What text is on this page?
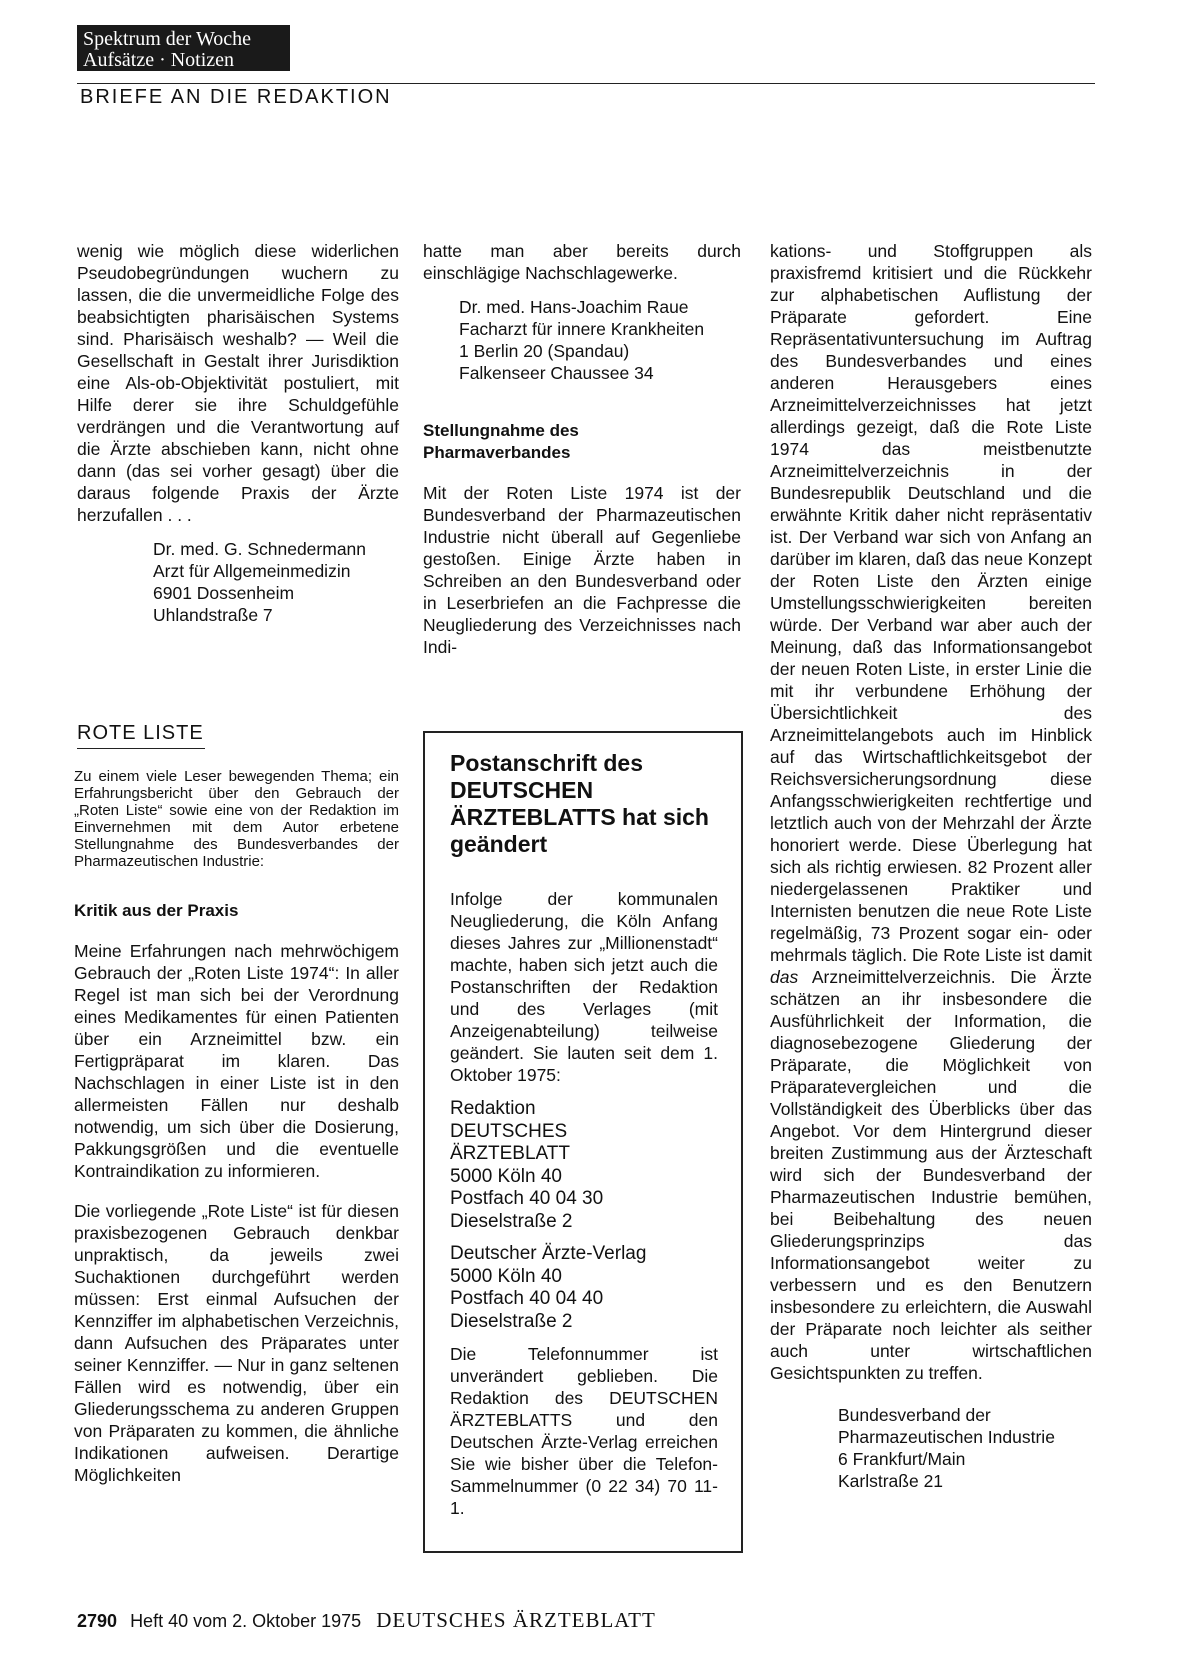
Spektrum der Woche
Aufsätze · Notizen
BRIEFE AN DIE REDAKTION

wenig wie möglich diese widerlichen Pseudobegründungen wuchern zu lassen, die die unvermeidliche Folge des beabsichtigten pharisäischen Systems sind. Pharisäisch weshalb? — Weil die Gesellschaft in Gestalt ihrer Jurisdiktion eine Als-ob-Objektivität postuliert, mit Hilfe derer sie ihre Schuldgefühle verdrängen und die Verantwortung auf die Ärzte abschieben kann, nicht ohne dann (das sei vorher gesagt) über die daraus folgende Praxis der Ärzte herzufallen . . .

Dr. med. G. Schnedermann
Arzt für Allgemeinmedizin
6901 Dossenheim
Uhlandstraße 7
ROTE LISTE

Zu einem viele Leser bewegenden Thema; ein Erfahrungsbericht über den Gebrauch der „Roten Liste“ sowie eine von der Redaktion im Einvernehmen mit dem Autor erbetene Stellungnahme des Bundesverbandes der Pharmazeutischen Industrie:

Kritik aus der Praxis

Meine Erfahrungen nach mehrwöchigem Gebrauch der „Roten Liste 1974“: In aller Regel ist man sich bei der Verordnung eines Medikamentes für einen Patienten über ein Arzneimittel bzw. ein Fertigpräparat im klaren. Das Nachschlagen in einer Liste ist in den allermeisten Fällen nur deshalb notwendig, um sich über die Dosierung, Pakkungsgrößen und die eventuelle Kontraindikation zu informieren.

Die vorliegende „Rote Liste“ ist für diesen praxisbezogenen Gebrauch denkbar unpraktisch, da jeweils zwei Suchaktionen durchgeführt werden müssen: Erst einmal Aufsuchen der Kennziffer im alphabetischen Verzeichnis, dann Aufsuchen des Präparates unter seiner Kennziffer. — Nur in ganz seltenen Fällen wird es notwendig, über ein Gliederungsschema zu anderen Gruppen von Präparaten zu kommen, die ähnliche Indikationen aufweisen. Derartige Möglichkeiten

hatte man aber bereits durch einschlägige Nachschlagewerke.

Dr. med. Hans-Joachim Raue
Facharzt für innere Krankheiten
1 Berlin 20 (Spandau)
Falkenseer Chaussee 34

Stellungnahme des
Pharmaverbandes

Mit der Roten Liste 1974 ist der Bundesverband der Pharmazeutischen Industrie nicht überall auf Gegenliebe gestoßen. Einige Ärzte haben in Schreiben an den Bundesverband oder in Leserbriefen an die Fachpresse die Neugliederung des Verzeichnisses nach Indi-

Postanschrift des DEUTSCHEN ÄRZTEBLATTS hat sich geändert

Infolge der kommunalen Neugliederung, die Köln Anfang dieses Jahres zur „Millionenstadt“ machte, haben sich jetzt auch die Postanschriften der Redaktion und des Verlages (mit Anzeigenabteilung) teilweise geändert. Sie lauten seit dem 1. Oktober 1975:

Redaktion
DEUTSCHES
ÄRZTEBLATT
5000 Köln 40
Postfach 40 04 30
Dieselstraße 2
Deutscher Ärzte-Verlag
5000 Köln 40
Postfach 40 04 40
Dieselstraße 2

Die Telefonnummer ist unverändert geblieben. Die Redaktion des DEUTSCHEN ÄRZTEBLATTS und den Deutschen Ärzte-Verlag erreichen Sie wie bisher über die Telefon-Sammelnummer (0 22 34) 70 11-1.

kations- und Stoffgruppen als praxisfremd kritisiert und die Rückkehr zur alphabetischen Auflistung der Präparate gefordert. Eine Repräsentativuntersuchung im Auftrag des Bundesverbandes und eines anderen Herausgebers eines Arzneimittelverzeichnisses hat jetzt allerdings gezeigt, daß die Rote Liste 1974 das meistbenutzte Arzneimittelverzeichnis in der Bundesrepublik Deutschland und die erwähnte Kritik daher nicht repräsentativ ist. Der Verband war sich von Anfang an darüber im klaren, daß das neue Konzept der Roten Liste den Ärzten einige Umstellungsschwierigkeiten bereiten würde. Der Verband war aber auch der Meinung, daß das Informationsangebot der neuen Roten Liste, in erster Linie die mit ihr verbundene Erhöhung der Übersichtlichkeit des Arzneimittelangebots auch im Hinblick auf das Wirtschaftlichkeitsgebot der Reichsversicherungsordnung diese Anfangsschwierigkeiten rechtfertige und letztlich auch von der Mehrzahl der Ärzte honoriert werde. Diese Überlegung hat sich als richtig erwiesen. 82 Prozent aller niedergelassenen Praktiker und Internisten benutzen die neue Rote Liste regelmäßig, 73 Prozent sogar ein- oder mehrmals täglich. Die Rote Liste ist damit das Arzneimittelverzeichnis. Die Ärzte schätzen an ihr insbesondere die Ausführlichkeit der Information, die diagnosebezogene Gliederung der Präparate, die Möglichkeit von Präparatevergleichen und die Vollständigkeit des Überblicks über das Angebot. Vor dem Hintergrund dieser breiten Zustimmung aus der Ärzteschaft wird sich der Bundesverband der Pharmazeutischen Industrie bemühen, bei Beibehaltung des neuen Gliederungsprinzips das Informationsangebot weiter zu verbessern und es den Benutzern insbesondere zu erleichtern, die Auswahl der Präparate noch leichter als seither auch unter wirtschaftlichen Gesichtspunkten zu treffen.

Bundesverband der
Pharmazeutischen Industrie
6 Frankfurt/Main
Karlstraße 21
2790 Heft 40 vom 2. Oktober 1975 DEUTSCHES ÄRZTEBLATT
